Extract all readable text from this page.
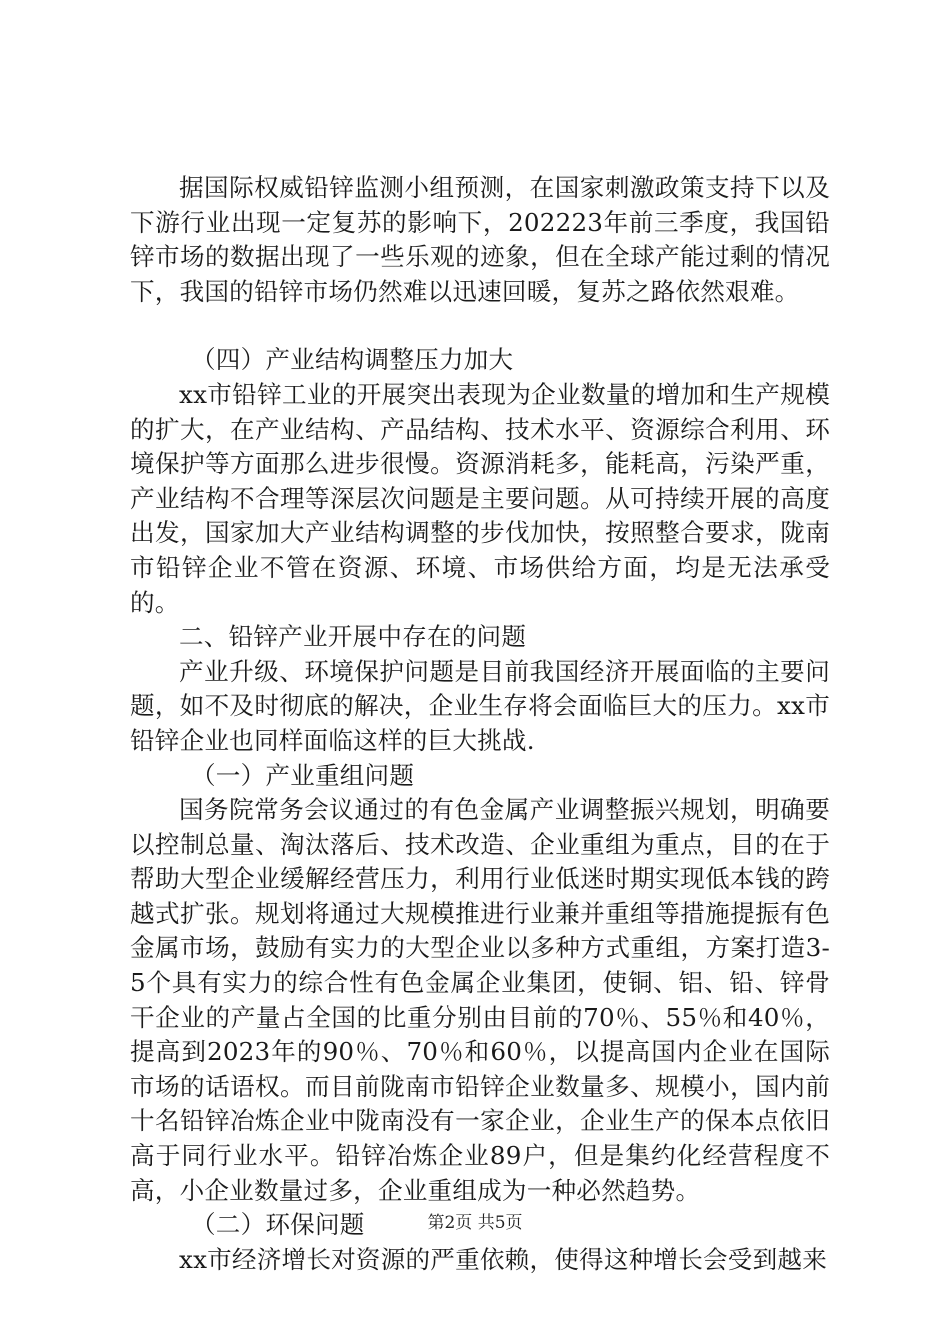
据国际权威铅锌监测小组预测，在国家刺激政策支持下以及下游行业出现一定复苏的影响下，202223年前三季度，我国铅锌市场的数据出现了一些乐观的迹象，但在全球产能过剩的情况下，我国的铅锌市场仍然难以迅速回暖，复苏之路依然艰难。

（四）产业结构调整压力加大

xx市铅锌工业的开展突出表现为企业数量的增加和生产规模的扩大，在产业结构、产品结构、技术水平、资源综合利用、环境保护等方面那么进步很慢。资源消耗多，能耗高，污染严重，产业结构不合理等深层次问题是主要问题。从可持续开展的高度出发，国家加大产业结构调整的步伐加快，按照整合要求，陇南市铅锌企业不管在资源、环境、市场供给方面，均是无法承受的。

二、铅锌产业开展中存在的问题

产业升级、环境保护问题是目前我国经济开展面临的主要问题，如不及时彻底的解决，企业生存将会面临巨大的压力。xx市铅锌企业也同样面临这样的巨大挑战.

（一）产业重组问题

国务院常务会议通过的有色金属产业调整振兴规划，明确要以控制总量、淘汰落后、技术改造、企业重组为重点，目的在于帮助大型企业缓解经营压力，利用行业低迷时期实现低本钱的跨越式扩张。规划将通过大规模推进行业兼并重组等措施提振有色金属市场，鼓励有实力的大型企业以多种方式重组，方案打造3-5个具有实力的综合性有色金属企业集团，使铜、铝、铅、锌骨干企业的产量占全国的比重分别由目前的70％、55％和40％，提高到2023年的90％、70％和60％，以提高国内企业在国际市场的话语权。而目前陇南市铅锌企业数量多、规模小，国内前十名铅锌冶炼企业中陇南没有一家企业，企业生产的保本点依旧高于同行业水平。铅锌冶炼企业89户，但是集约化经营程度不高，小企业数量过多，企业重组成为一种必然趋势。

（二）环保问题

xx市经济增长对资源的严重依赖，使得这种增长会受到越来

第2页 共5页
